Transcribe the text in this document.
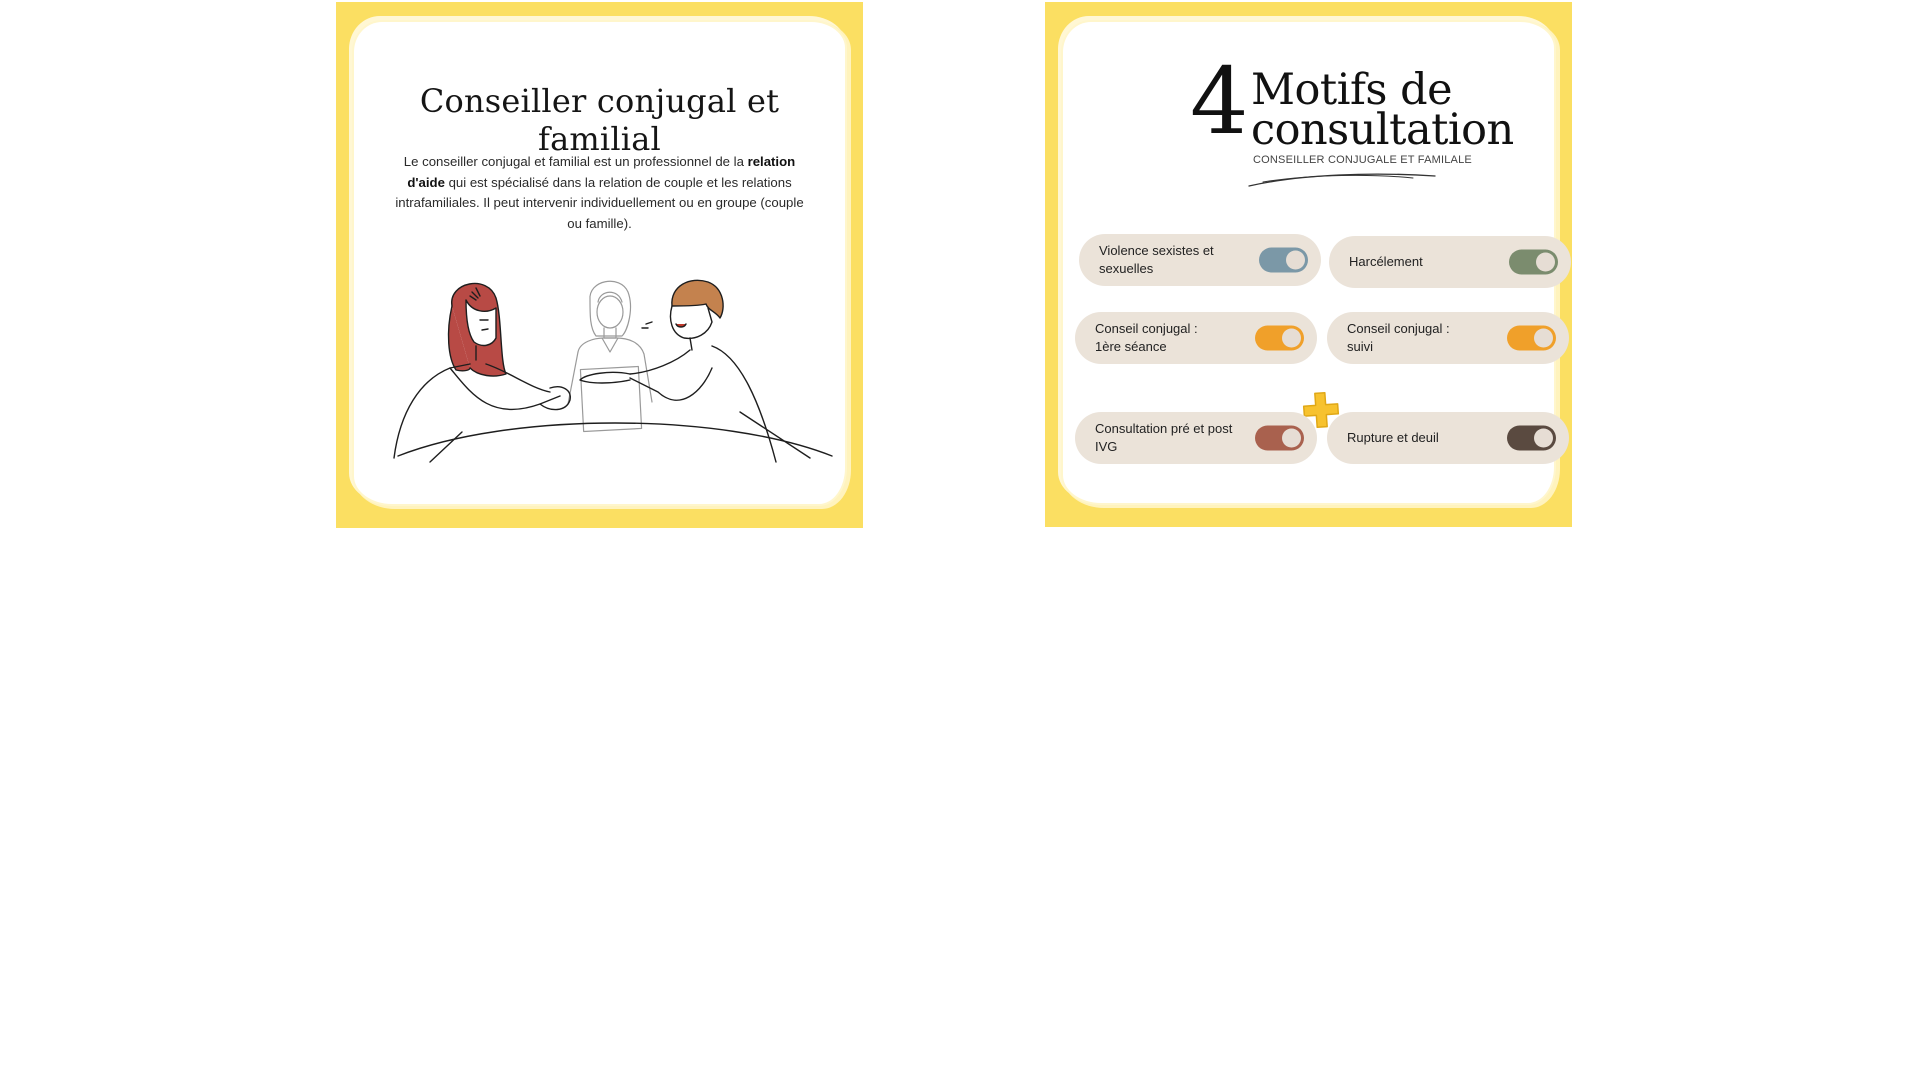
Conseiller conjugal et familial
Le conseiller conjugal et familial est un professionnel de la relation d'aide qui est spécialisé dans la relation de couple et les relations intrafamiliales. Il peut intervenir individuellement ou en groupe (couple ou famille).
4 Motifs de
consultation
CONSEILLER CONJUGALE ET FAMILALE
Violence sexistes et
sexuelles	Harcélement
Conseil conjugal :
1ère séance
Conseil conjugal :
suivi
Consultation pré et post
IVG
Rupture et deuil
